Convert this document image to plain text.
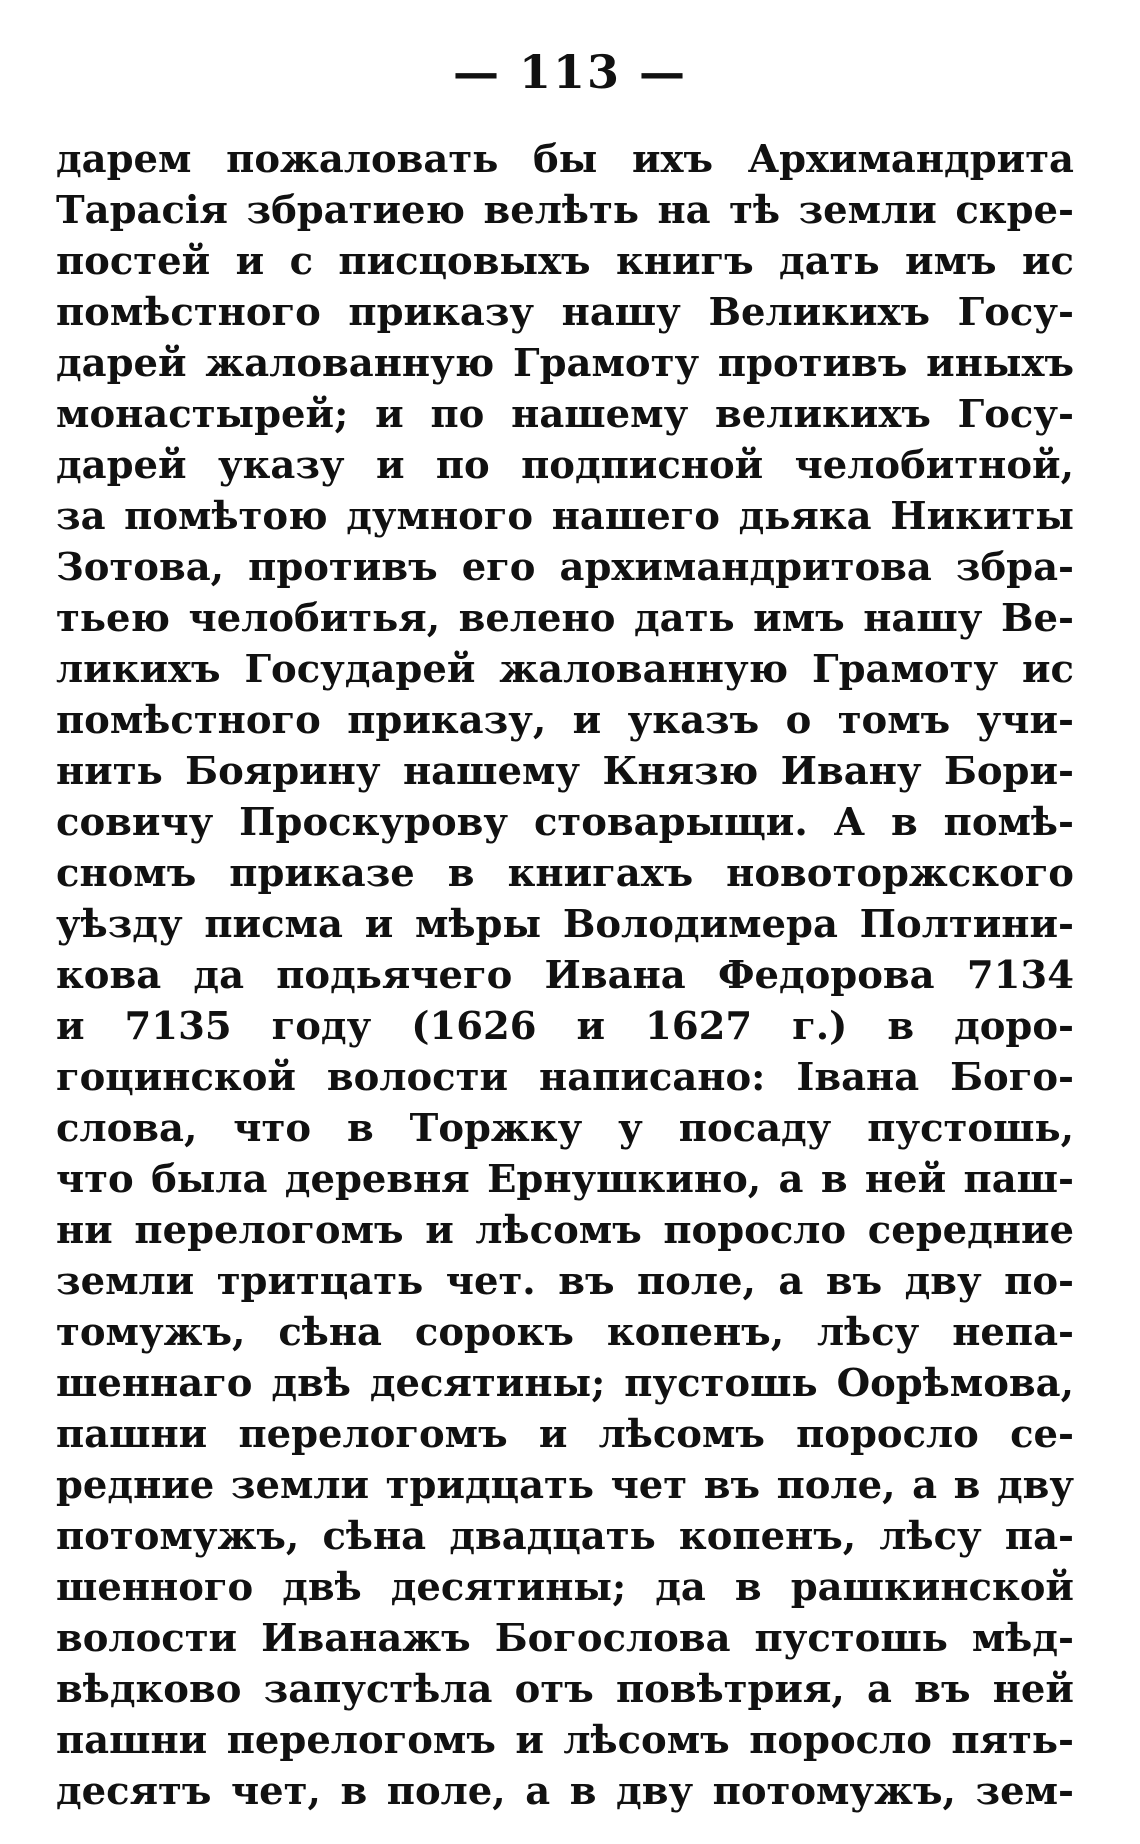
— 113 —
дарем пожаловать бы ихъ Архимандрита
Тарасія збратиею велѣть на тѣ земли скре-
постей и с писцовыхъ книгъ дать имъ ис
помѣстного приказу нашу Великихъ Госу-
дарей жалованную Грамоту противъ иныхъ
монастырей; и по нашему великихъ Госу-
дарей указу и по подписной челобитной,
за помѣтою думного нашего дьяка Никиты
Зотова, противъ его архимандритова збра-
тьею челобитья, велено дать имъ нашу Ве-
ликихъ Государей жалованную Грамоту ис
помѣстного приказу, и указъ о томъ учи-
нить Боярину нашему Князю Ивану Бори-
совичу Проскурову стоварыщи. А в помѣ-
сномъ приказе в книгахъ новоторжского
уѣзду писма и мѣры Володимера Полтини-
кова да подьячего Ивана Федорова 7134
и 7135 году (1626 и 1627 г.) в доро-
гоцинской волости написано: Івана Бого-
слова, что в Торжку у посаду пустошь,
что была деревня Ернушкино, а в ней паш-
ни перелогомъ и лѣсомъ поросло середние
земли тритцать чет. въ поле, а въ дву по-
томужъ, сѣна сорокъ копенъ, лѣсу непа-
шеннаго двѣ десятины; пустошь Оорѣмова,
пашни перелогомъ и лѣсомъ поросло се-
редние земли тридцать чет въ поле, а в дву
потомужъ, сѣна двадцать копенъ, лѣсу па-
шенного двѣ десятины; да в рашкинской
волости Иванажъ Богослова пустошь мѣд-
вѣдково запустѣла отъ повѣтрия, а въ ней
пашни перелогомъ и лѣсомъ поросло пять-
десятъ чет, в поле, а в дву потомужъ, зем-
